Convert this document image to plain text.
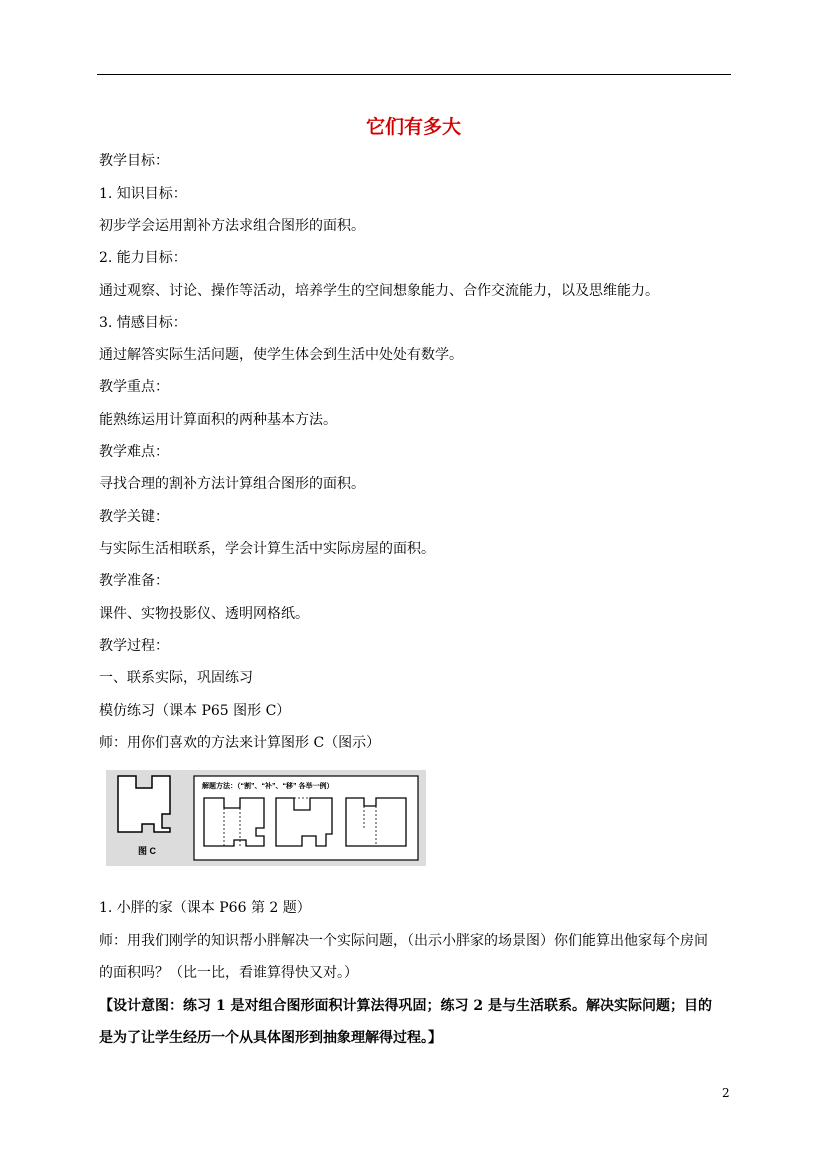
它们有多大
教学目标：
1. 知识目标：
初步学会运用割补方法求组合图形的面积。
2. 能力目标：
通过观察、讨论、操作等活动，培养学生的空间想象能力、合作交流能力，以及思维能力。
3. 情感目标：
通过解答实际生活问题，使学生体会到生活中处处有数学。
教学重点：
能熟练运用计算面积的两种基本方法。
教学难点：
寻找合理的割补方法计算组合图形的面积。
教学关键：
与实际生活相联系，学会计算生活中实际房屋的面积。
教学准备：
课件、实物投影仪、透明网格纸。
教学过程：
一、联系实际，巩固练习
模仿练习（课本 P65 图形 C）
师：用你们喜欢的方法来计算图形 C（图示）
图 C
解题方法：（“割”、“补”、“移” 各举一例）
1. 小胖的家（课本 P66 第 2 题）
师：用我们刚学的知识帮小胖解决一个实际问题，（出示小胖家的场景图）你们能算出他家每个房间
的面积吗？（比一比，看谁算得快又对。）
【设计意图：练习 1 是对组合图形面积计算法得巩固；练习 2 是与生活联系。解决实际问题；目的
是为了让学生经历一个从具体图形到抽象理解得过程。】
2
